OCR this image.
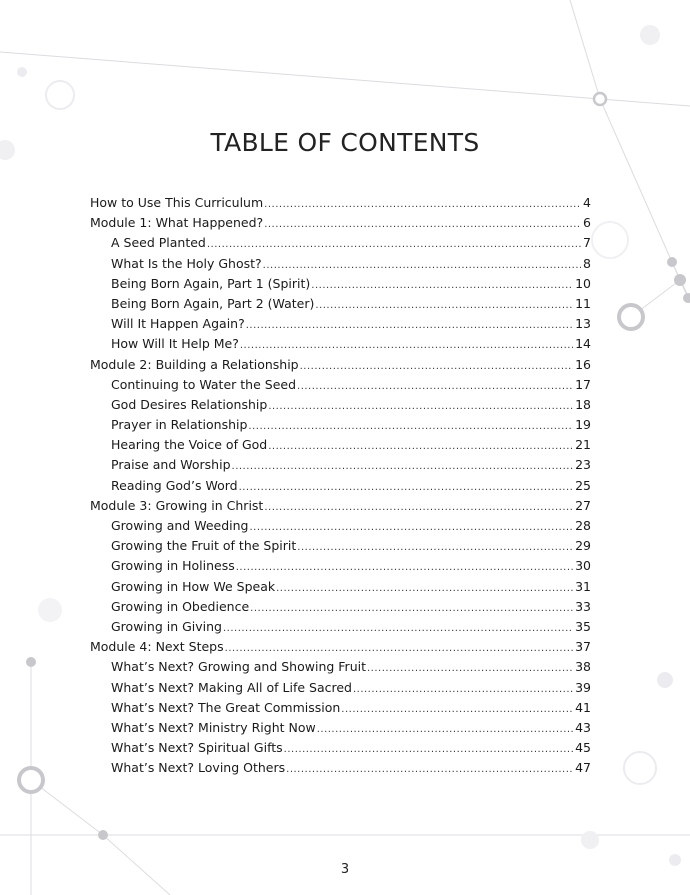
TABLE OF CONTENTS
How to Use This Curriculum .....	4
Module 1: What Happened? .....	6
A Seed Planted .....	7
What Is the Holy Ghost? .....	8
Being Born Again, Part 1 (Spirit) .....	10
Being Born Again, Part 2 (Water) .....	11
Will It Happen Again? .....	13
How Will It Help Me? .....	14
Module 2: Building a Relationship .....	16
Continuing to Water the Seed .....	17
God Desires Relationship .....	18
Prayer in Relationship .....	19
Hearing the Voice of God .....	21
Praise and Worship .....	23
Reading God’s Word .....	25
Module 3: Growing in Christ .....	27
Growing and Weeding .....	28
Growing the Fruit of the Spirit .....	29
Growing in Holiness .....	30
Growing in How We Speak .....	31
Growing in Obedience .....	33
Growing in Giving .....	35
Module 4: Next Steps .....	37
What’s Next? Growing and Showing Fruit .....	38
What’s Next? Making All of Life Sacred .....	39
What’s Next? The Great Commission .....	41
What’s Next? Ministry Right Now .....	43
What’s Next? Spiritual Gifts .....	45
What’s Next? Loving Others .....	47
3
